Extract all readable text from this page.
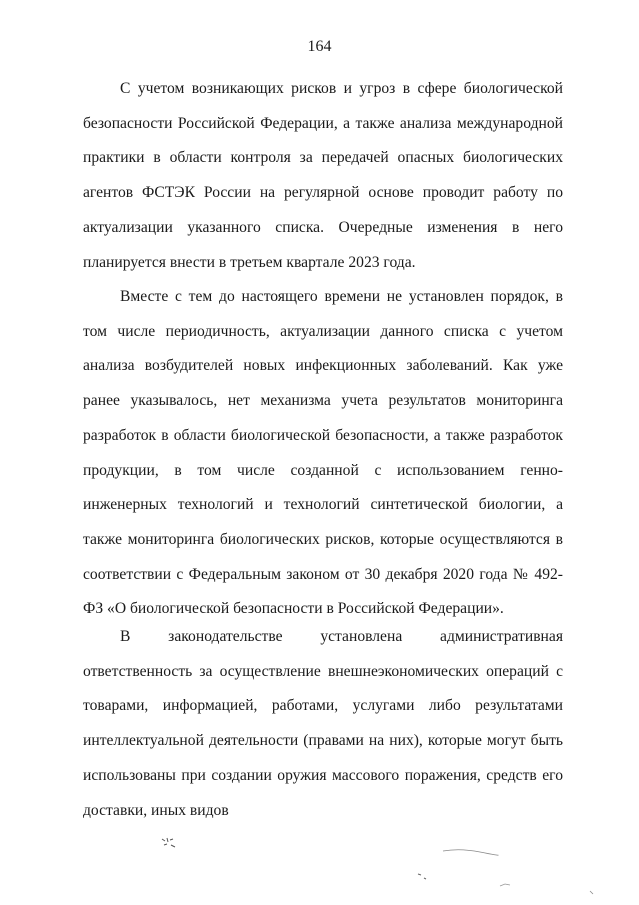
164

С учетом возникающих рисков и угроз в сфере биологической безопасности Российской Федерации, а также анализа международной практики в области контроля за передачей опасных биологических агентов ФСТЭК России на регулярной основе проводит работу по актуализации указанного списка. Очередные изменения в него планируется внести в третьем квартале 2023 года.

Вместе с тем до настоящего времени не установлен порядок, в том числе периодичность, актуализации данного списка с учетом анализа возбудителей новых инфекционных заболеваний. Как уже ранее указывалось, нет механизма учета результатов мониторинга разработок в области биологической безопасности, а также разработок продукции, в том числе созданной с использованием генно-инженерных технологий и технологий синтетической биологии, а также мониторинга биологических рисков, которые осуществляются в соответствии с Федеральным законом от 30 декабря 2020 года № 492-ФЗ «О биологической безопасности в Российской Федерации».

В законодательстве установлена административная ответственность за осуществление внешнеэкономических операций с товарами, информацией, работами, услугами либо результатами интеллектуальной деятельности (правами на них), которые могут быть использованы при создании оружия массового поражения, средств его доставки, иных видов
